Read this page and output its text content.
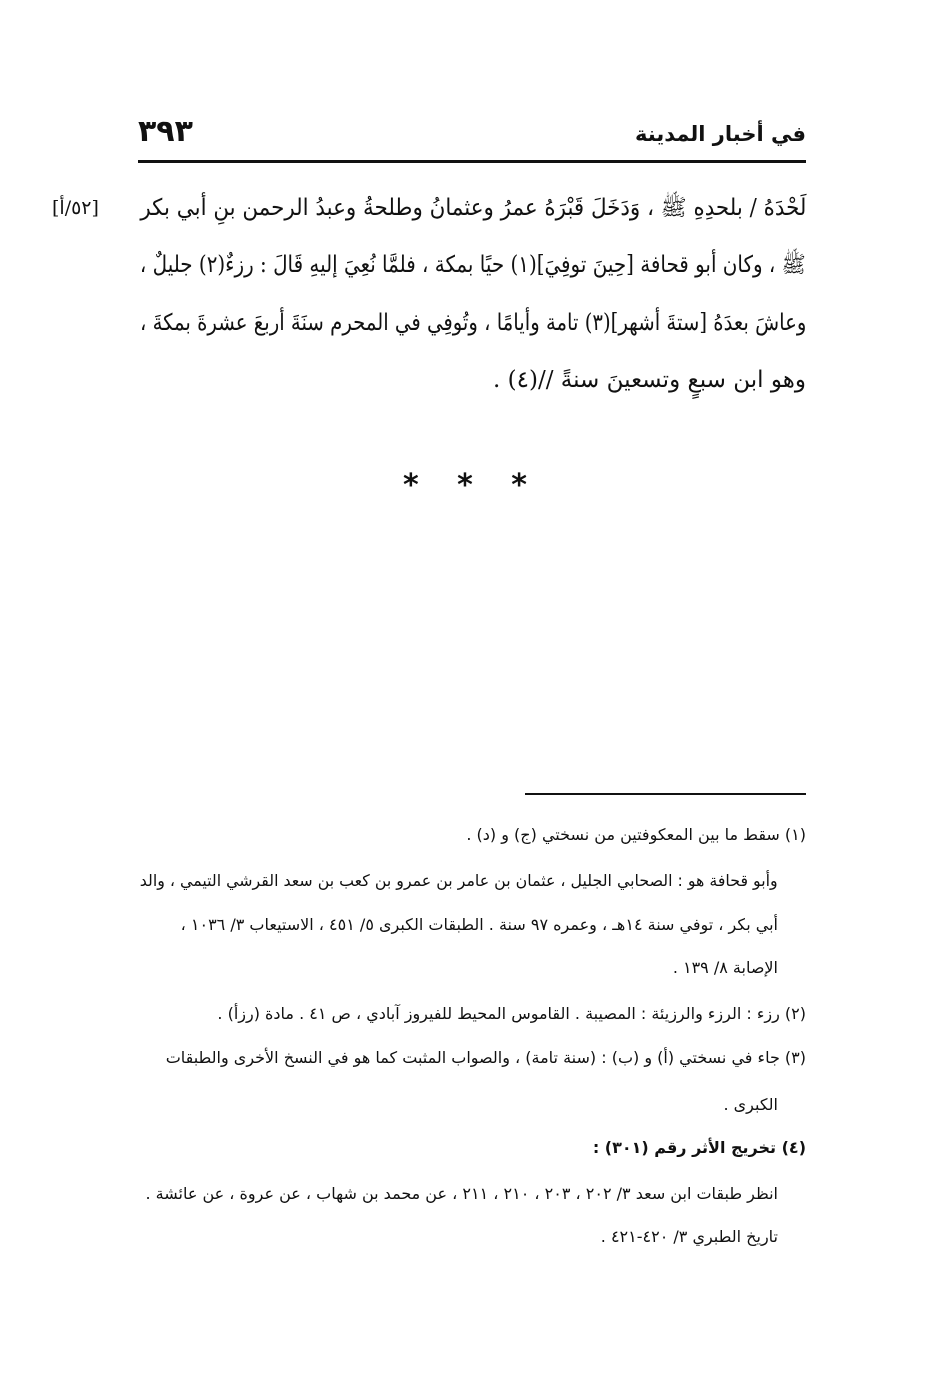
في أخبار المدينة
٣٩٣
[٥٢/أ] لَحْدَهُ / بلحدِهِ ﷺ ، وَدَخَلَ قَبْرَهُ عمرُ وعثمانُ وطلحةُ وعبدُ الرحمن بنِ أبي بكر
ﷺ ، وكان أبو قحافة [حِينَ توفِيَ](١) حيًا بمكة ، فلمَّا نُعِيَ إليهِ قَالَ : رزءٌ(٢) جليلٌ ،
وعاشَ بعدَهُ [ستةَ أشهر](٣) تامة وأيامًا ، وتُوفِي في المحرم سنَةَ أربعَ عشرةَ بمكةَ ،
وهو ابن سبعٍ وتسعينَ سنةً //(٤) .
* * *
(١) سقط ما بين المعكوفتين من نسختي (ج) و (د) .
وأبو قحافة هو : الصحابي الجليل ، عثمان بن عامر بن عمرو بن كعب بن سعد القرشي التيمي ، والد
أبي بكر ، توفي سنة ١٤هـ ، وعمره ٩٧ سنة . الطبقات الكبرى ٥/ ٤٥١ ، الاستيعاب ٣/ ١٠٣٦ ،
الإصابة ٨/ ١٣٩ .
(٢) رزء : الرزء والرزيئة : المصيبة . القاموس المحيط للفيروز آبادي ، ص ٤١ . مادة (رزأ) .
(٣) جاء في نسختي (أ) و (ب) : (سنة تامة) ، والصواب المثبت كما هو في النسخ الأخرى والطبقات
الكبرى .
(٤) تخريج الأثر رقم (٣٠١) :
انظر طبقات ابن سعد ٣/ ٢٠٢ ، ٢٠٣ ، ٢١٠ ، ٢١١ ، عن محمد بن شهاب ، عن عروة ، عن عائشة .
تاريخ الطبري ٣/ ٤٢٠-٤٢١ .
